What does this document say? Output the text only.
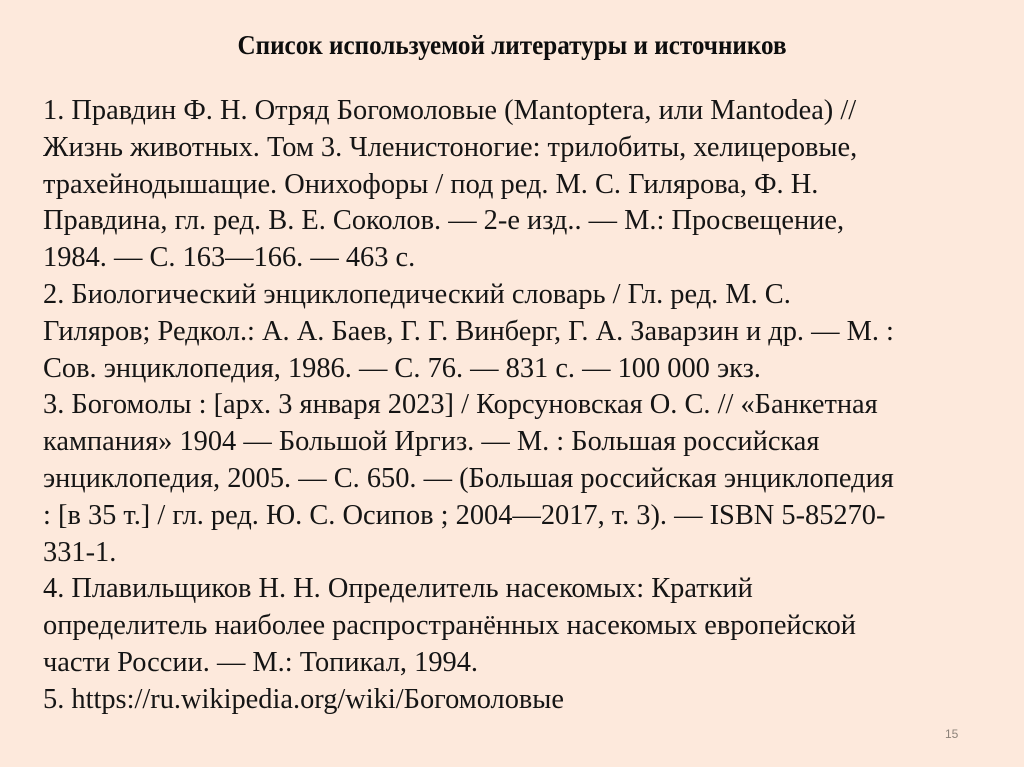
Список используемой литературы и источников
1. Правдин Ф. Н. Отряд Богомоловые (Mantoptera, или Mantodea) //
Жизнь животных. Том 3. Членистоногие: трилобиты, хелицеровые,
трахейнодышащие. Онихофоры / под ред. М. С. Гилярова, Ф. Н.
Правдина, гл. ред. В. Е. Соколов. — 2-е изд.. — М.: Просвещение,
1984. — С. 163—166. — 463 с.
2. Биологический энциклопедический словарь / Гл. ред. М. С.
Гиляров; Редкол.: А. А. Баев, Г. Г. Винберг, Г. А. Заварзин и др. — М. :
Сов. энциклопедия, 1986. — С. 76. — 831 с. — 100 000 экз.
3. Богомолы : [арх. 3 января 2023] / Корсуновская О. С. // «Банкетная
кампания» 1904 — Большой Иргиз. — М. : Большая российская
энциклопедия, 2005. — С. 650. — (Большая российская энциклопедия
: [в 35 т.] / гл. ред. Ю. С. Осипов ; 2004—2017, т. 3). — ISBN 5-85270-
331-1.
4. Плавильщиков Н. Н. Определитель насекомых: Краткий
определитель наиболее распространённых насекомых европейской
части России. — М.: Топикал, 1994.
5. https://ru.wikipedia.org/wiki/Богомоловые
15
